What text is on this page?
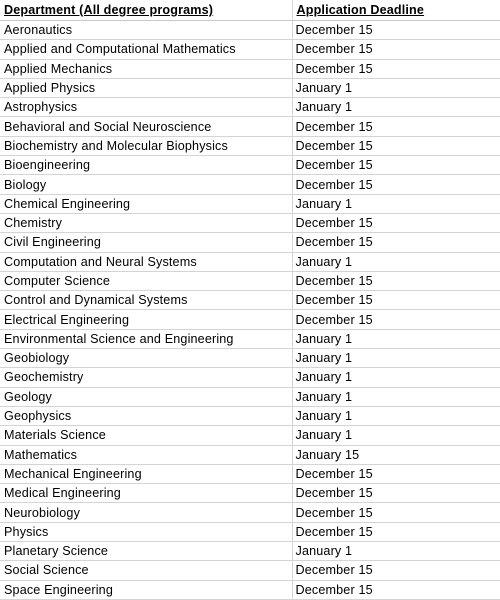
Department (All degree programs)	Application Deadline
Aeronautics	December 15
Applied and Computational Mathematics	December 15
Applied Mechanics	December 15
Applied Physics	January 1
Astrophysics	January 1
Behavioral and Social Neuroscience	December 15
Biochemistry and Molecular Biophysics	December 15
Bioengineering	December 15
Biology	December 15
Chemical Engineering	January 1
Chemistry	December 15
Civil Engineering	December 15
Computation and Neural Systems	January 1
Computer Science	December 15
Control and Dynamical Systems	December 15
Electrical Engineering	December 15
Environmental Science and Engineering	January 1
Geobiology	January 1
Geochemistry	January 1
Geology	January 1
Geophysics	January 1
Materials Science	January 1
Mathematics	January 15
Mechanical Engineering	December 15
Medical Engineering	December 15
Neurobiology	December 15
Physics	December 15
Planetary Science	January 1
Social Science	December 15
Space Engineering	December 15
